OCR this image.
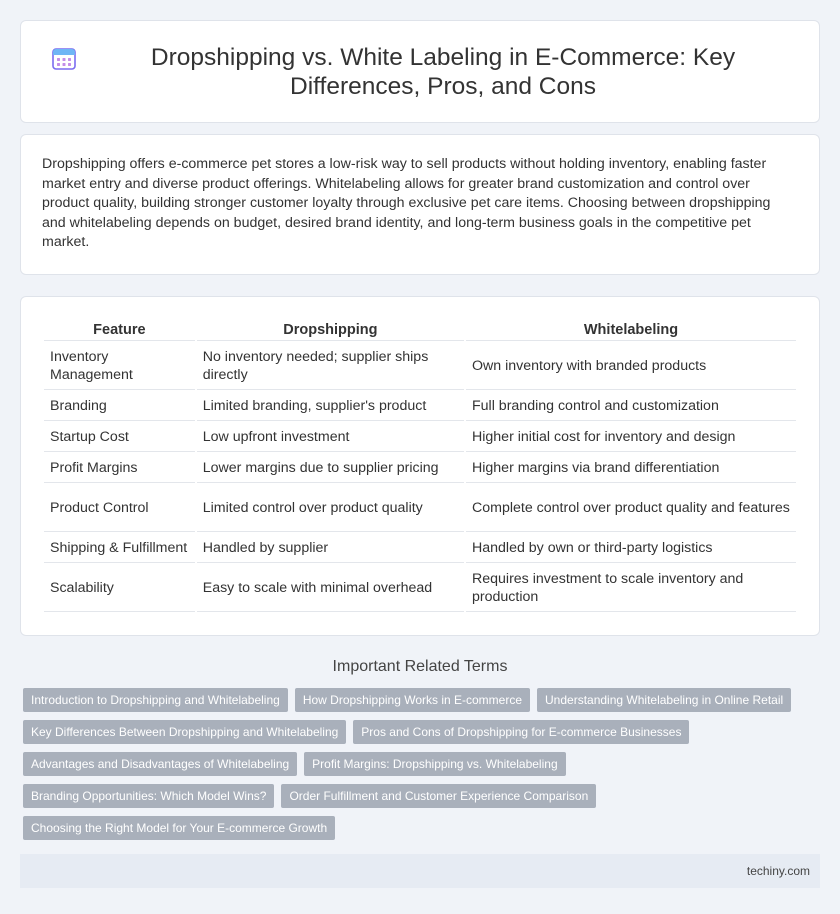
Dropshipping vs. White Labeling in E-Commerce: Key Differences, Pros, and Cons

Dropshipping offers e-commerce pet stores a low-risk way to sell products without holding inventory, enabling faster market entry and diverse product offerings. Whitelabeling allows for greater brand customization and control over product quality, building stronger customer loyalty through exclusive pet care items. Choosing between dropshipping and whitelabeling depends on budget, desired brand identity, and long-term business goals in the competitive pet market.

Feature	Dropshipping	Whitelabeling
Inventory Management	No inventory needed; supplier ships directly	Own inventory with branded products
Branding	Limited branding, supplier's product	Full branding control and customization
Startup Cost	Low upfront investment	Higher initial cost for inventory and design
Profit Margins	Lower margins due to supplier pricing	Higher margins via brand differentiation
Product Control	Limited control over product quality	Complete control over product quality and features
Shipping & Fulfillment	Handled by supplier	Handled by own or third-party logistics
Scalability	Easy to scale with minimal overhead	Requires investment to scale inventory and production
Important Related Terms
Introduction to Dropshipping and Whitelabeling	How Dropshipping Works in E-commerce	Understanding Whitelabeling in Online Retail
Key Differences Between Dropshipping and Whitelabeling	Pros and Cons of Dropshipping for E-commerce Businesses
Advantages and Disadvantages of Whitelabeling	Profit Margins: Dropshipping vs. Whitelabeling
Branding Opportunities: Which Model Wins?	Order Fulfillment and Customer Experience Comparison
Choosing the Right Model for Your E-commerce Growth
techiny.com
